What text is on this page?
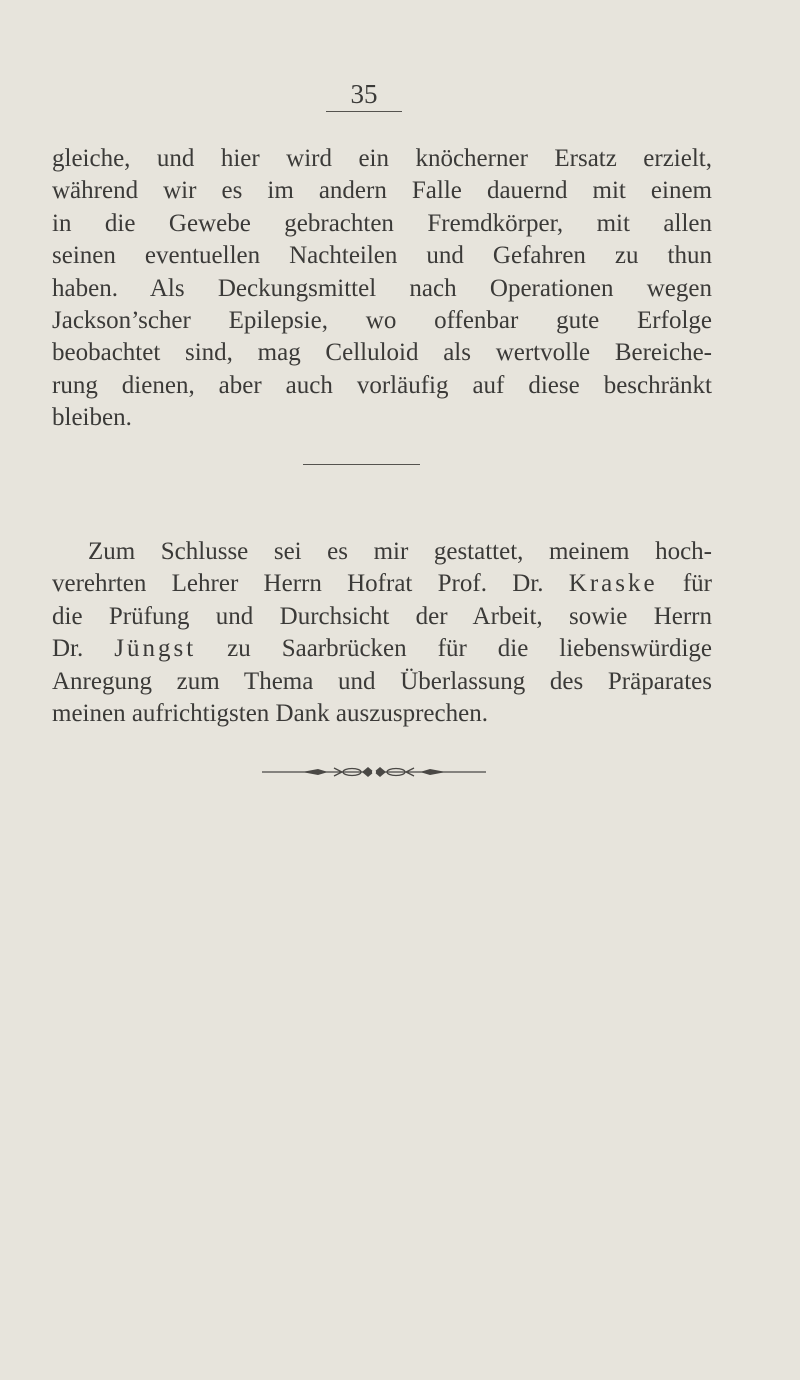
35
gleiche, und hier wird ein knöcherner Ersatz erzielt,
während wir es im andern Falle dauernd mit einem
in die Gewebe gebrachten Fremdkörper, mit allen
seinen eventuellen Nachteilen und Gefahren zu thun
haben. Als Deckungsmittel nach Operationen wegen
Jackson’scher Epilepsie, wo offenbar gute Erfolge
beobachtet sind, mag Celluloid als wertvolle Bereiche-
rung dienen, aber auch vorläufig auf diese beschränkt
bleiben.
Zum Schlusse sei es mir gestattet, meinem hoch-
verehrten Lehrer Herrn Hofrat Prof. Dr. Kraske für
die Prüfung und Durchsicht der Arbeit, sowie Herrn
Dr. Jüngst zu Saarbrücken für die liebenswürdige
Anregung zum Thema und Überlassung des Präparates
meinen aufrichtigsten Dank auszusprechen.
